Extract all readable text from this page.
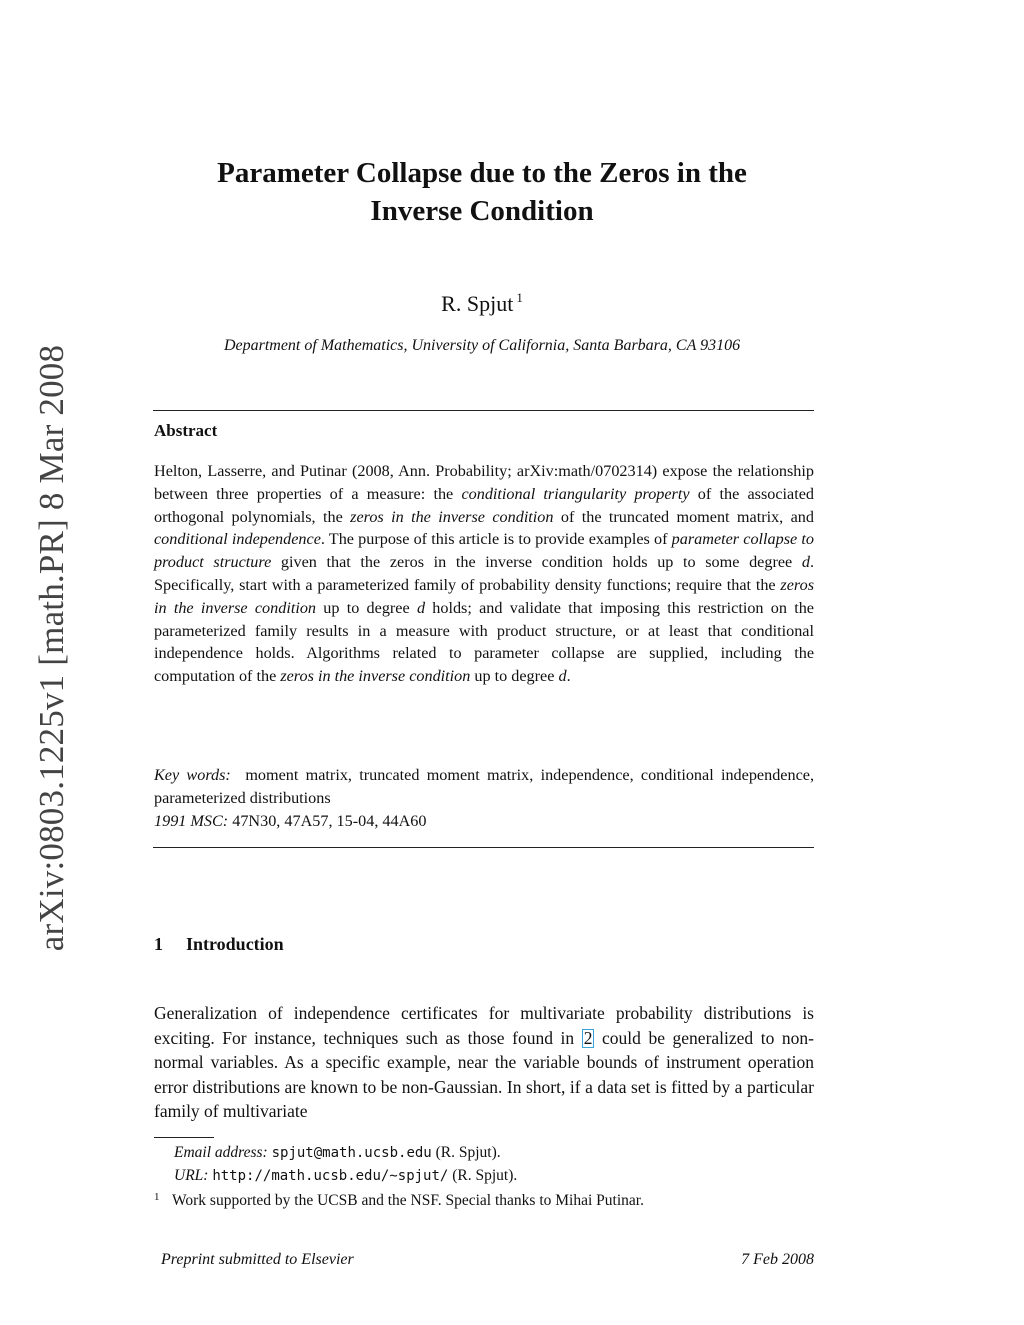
arXiv:0803.1225v1 [math.PR] 8 Mar 2008
Parameter Collapse due to the Zeros in the
Inverse Condition
R. Spjut $^1$
Department of Mathematics, University of California, Santa Barbara, CA 93106
Abstract
Helton, Lasserre, and Putinar (2008, Ann. Probability; arXiv:math/0702314) expose the relationship between three properties of a measure: the conditional triangularity property of the associated orthogonal polynomials, the zeros in the inverse condition of the truncated moment matrix, and conditional independence. The purpose of this article is to provide examples of parameter collapse to product structure given that the zeros in the inverse condition holds up to some degree d. Specifically, start with a parameterized family of probability density functions; require that the zeros in the inverse condition up to degree d holds; and validate that imposing this restriction on the parameterized family results in a measure with product structure, or at least that conditional independence holds. Algorithms related to parameter collapse are supplied, including the computation of the zeros in the inverse condition up to degree d.
Key words: moment matrix, truncated moment matrix, independence, conditional independence, parameterized distributions
1991 MSC: 47N30, 47A57, 15-04, 44A60
1 Introduction
Generalization of independence certificates for multivariate probability distributions is exciting. For instance, techniques such as those found in 2 could be generalized to non-normal variables. As a specific example, near the variable bounds of instrument operation error distributions are known to be non-Gaussian. In short, if a data set is fitted by a particular family of multivariate
Email address: spjut@math.ucsb.edu (R. Spjut).
URL: http://math.ucsb.edu/∼spjut/ (R. Spjut).
1 Work supported by the UCSB and the NSF. Special thanks to Mihai Putinar.
Preprint submitted to Elsevier	7 Feb 2008
